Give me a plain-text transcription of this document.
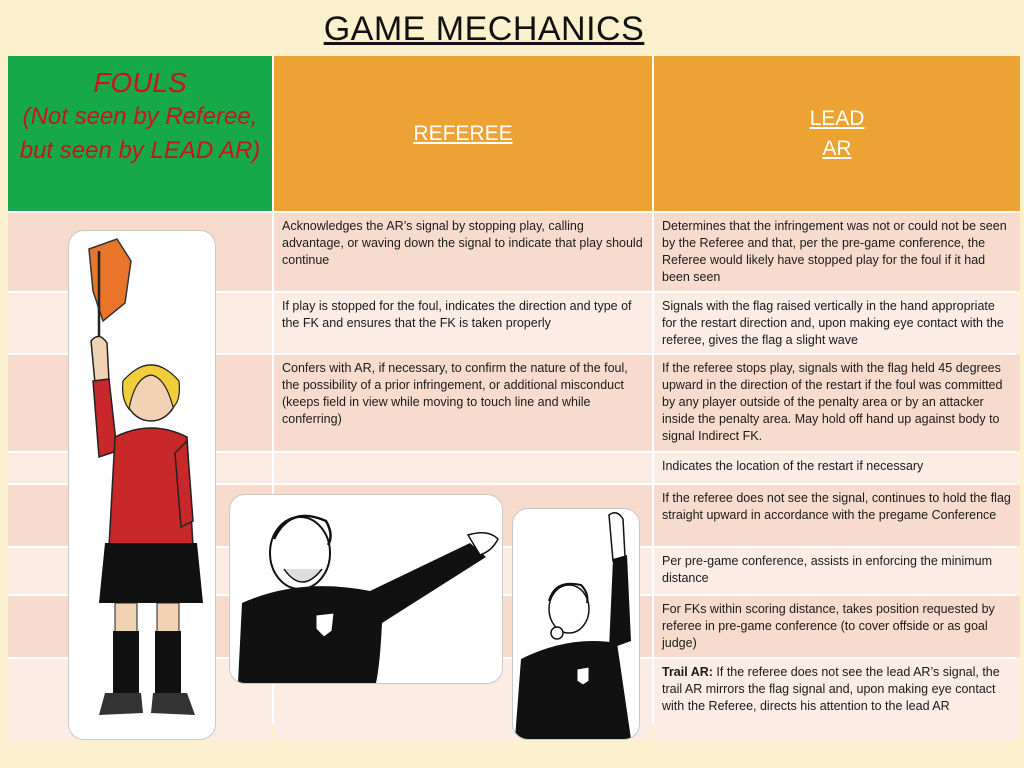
GAME MECHANICS
FOULS
(Not seen by Referee, but seen by LEAD AR)
REFEREE
LEAD
AR
Acknowledges the AR’s signal by stopping play, calling advantage, or waving down the signal to indicate that play should continue
Determines that the infringement was not or could not be seen by the Referee and that, per the pre-game conference, the Referee would likely have stopped play for the foul if it had been seen
If play is stopped for the foul, indicates the direction and type of the FK and ensures that the FK is taken properly
Signals with the flag raised vertically in the hand appropriate for the restart direction and, upon making eye contact with the referee, gives the flag a slight wave
Confers with AR, if necessary, to confirm the nature of the foul, the possibility of a prior infringement, or additional misconduct (keeps field in view while moving to touch line and while conferring)
If the referee stops play, signals with the flag held 45 degrees upward in the direction of the restart if the foul was committed by any player outside of the penalty area or by an attacker inside the penalty area. May hold off hand up against body to signal Indirect FK.
Indicates the location of the restart if necessary
If the referee does not see the signal, continues to hold the flag straight upward in accordance with the pregame Conference
Per pre-game conference, assists in enforcing the minimum distance
For FKs within scoring distance, takes position requested by referee in pre-game conference (to cover offside or as goal judge)
Trail AR: If the referee does not see the lead AR’s signal, the trail AR mirrors the flag signal and, upon making eye contact with the Referee, directs his attention to the lead AR
